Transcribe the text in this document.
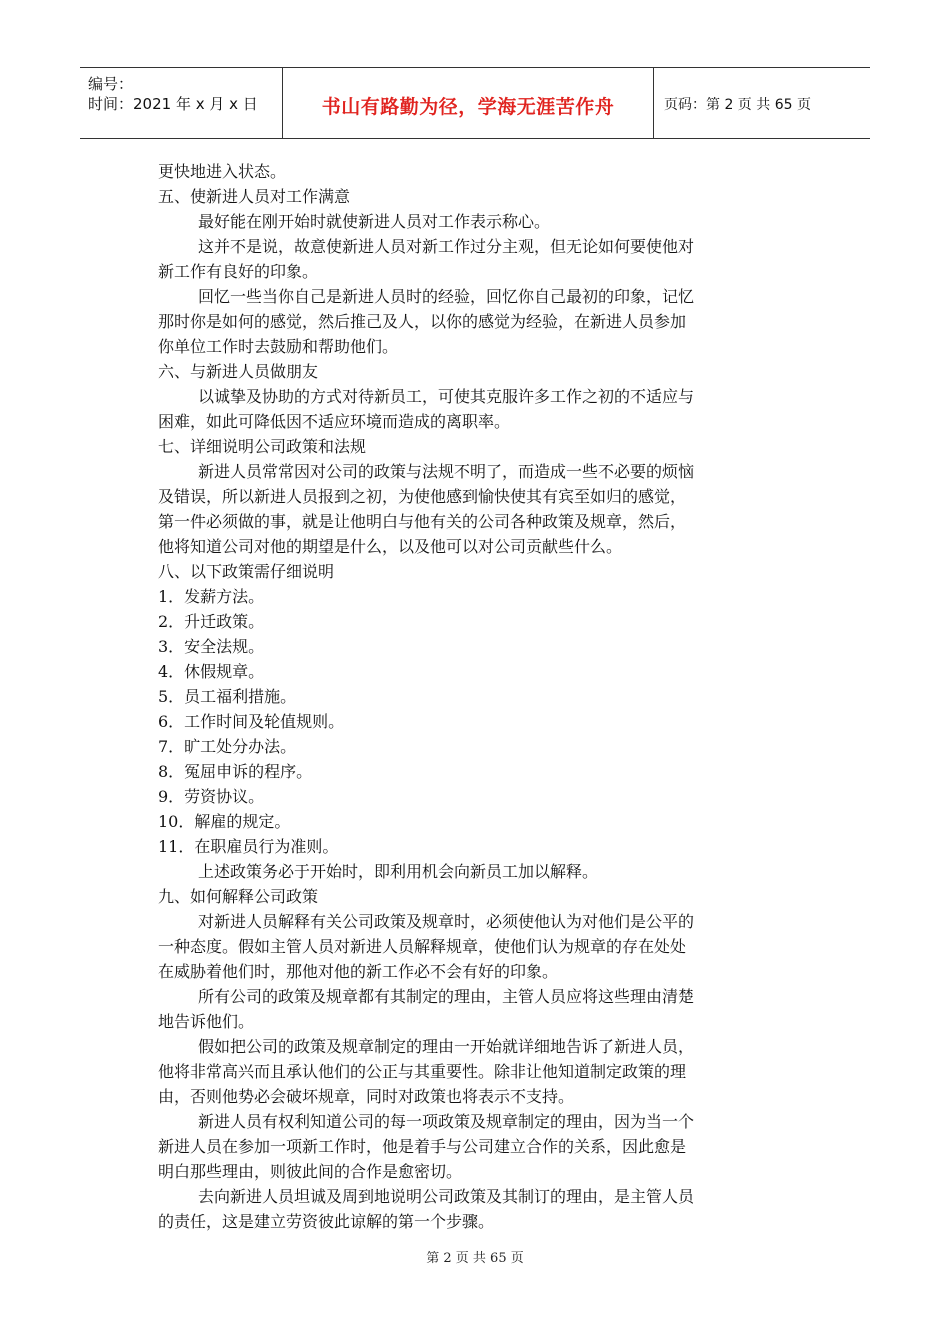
编号：
时间：2021 年 x 月 x 日	书山有路勤为径，学海无涯苦作舟	页码：第 2 页 共 65 页
更快地进入状态。
五、使新进人员对工作满意
最好能在刚开始时就使新进人员对工作表示称心。
这并不是说，故意使新进人员对新工作过分主观，但无论如何要使他对
新工作有良好的印象。
回忆一些当你自己是新进人员时的经验，回忆你自己最初的印象，记忆
那时你是如何的感觉，然后推己及人，以你的感觉为经验，在新进人员参加
你单位工作时去鼓励和帮助他们。
六、与新进人员做朋友
以诚挚及协助的方式对待新员工，可使其克服许多工作之初的不适应与
困难，如此可降低因不适应环境而造成的离职率。
七、详细说明公司政策和法规
新进人员常常因对公司的政策与法规不明了，而造成一些不必要的烦恼
及错误，所以新进人员报到之初，为使他感到愉快使其有宾至如归的感觉，
第一件必须做的事，就是让他明白与他有关的公司各种政策及规章，然后，
他将知道公司对他的期望是什么，以及他可以对公司贡献些什么。
八、以下政策需仔细说明
1．发薪方法。
2．升迁政策。
3．安全法规。
4．休假规章。
5．员工福利措施。
6．工作时间及轮值规则。
7．旷工处分办法。
8．冤屈申诉的程序。
9．劳资协议。
10．解雇的规定。
11．在职雇员行为准则。
上述政策务必于开始时，即利用机会向新员工加以解释。
九、如何解释公司政策
对新进人员解释有关公司政策及规章时，必须使他认为对他们是公平的
一种态度。假如主管人员对新进人员解释规章，使他们认为规章的存在处处
在威胁着他们时，那他对他的新工作必不会有好的印象。
所有公司的政策及规章都有其制定的理由，主管人员应将这些理由清楚
地告诉他们。
假如把公司的政策及规章制定的理由一开始就详细地告诉了新进人员，
他将非常高兴而且承认他们的公正与其重要性。除非让他知道制定政策的理
由，否则他势必会破坏规章，同时对政策也将表示不支持。
新进人员有权利知道公司的每一项政策及规章制定的理由，因为当一个
新进人员在参加一项新工作时，他是着手与公司建立合作的关系，因此愈是
明白那些理由，则彼此间的合作是愈密切。
去向新进人员坦诚及周到地说明公司政策及其制订的理由，是主管人员
的责任，这是建立劳资彼此谅解的第一个步骤。
第 2 页 共 65 页
